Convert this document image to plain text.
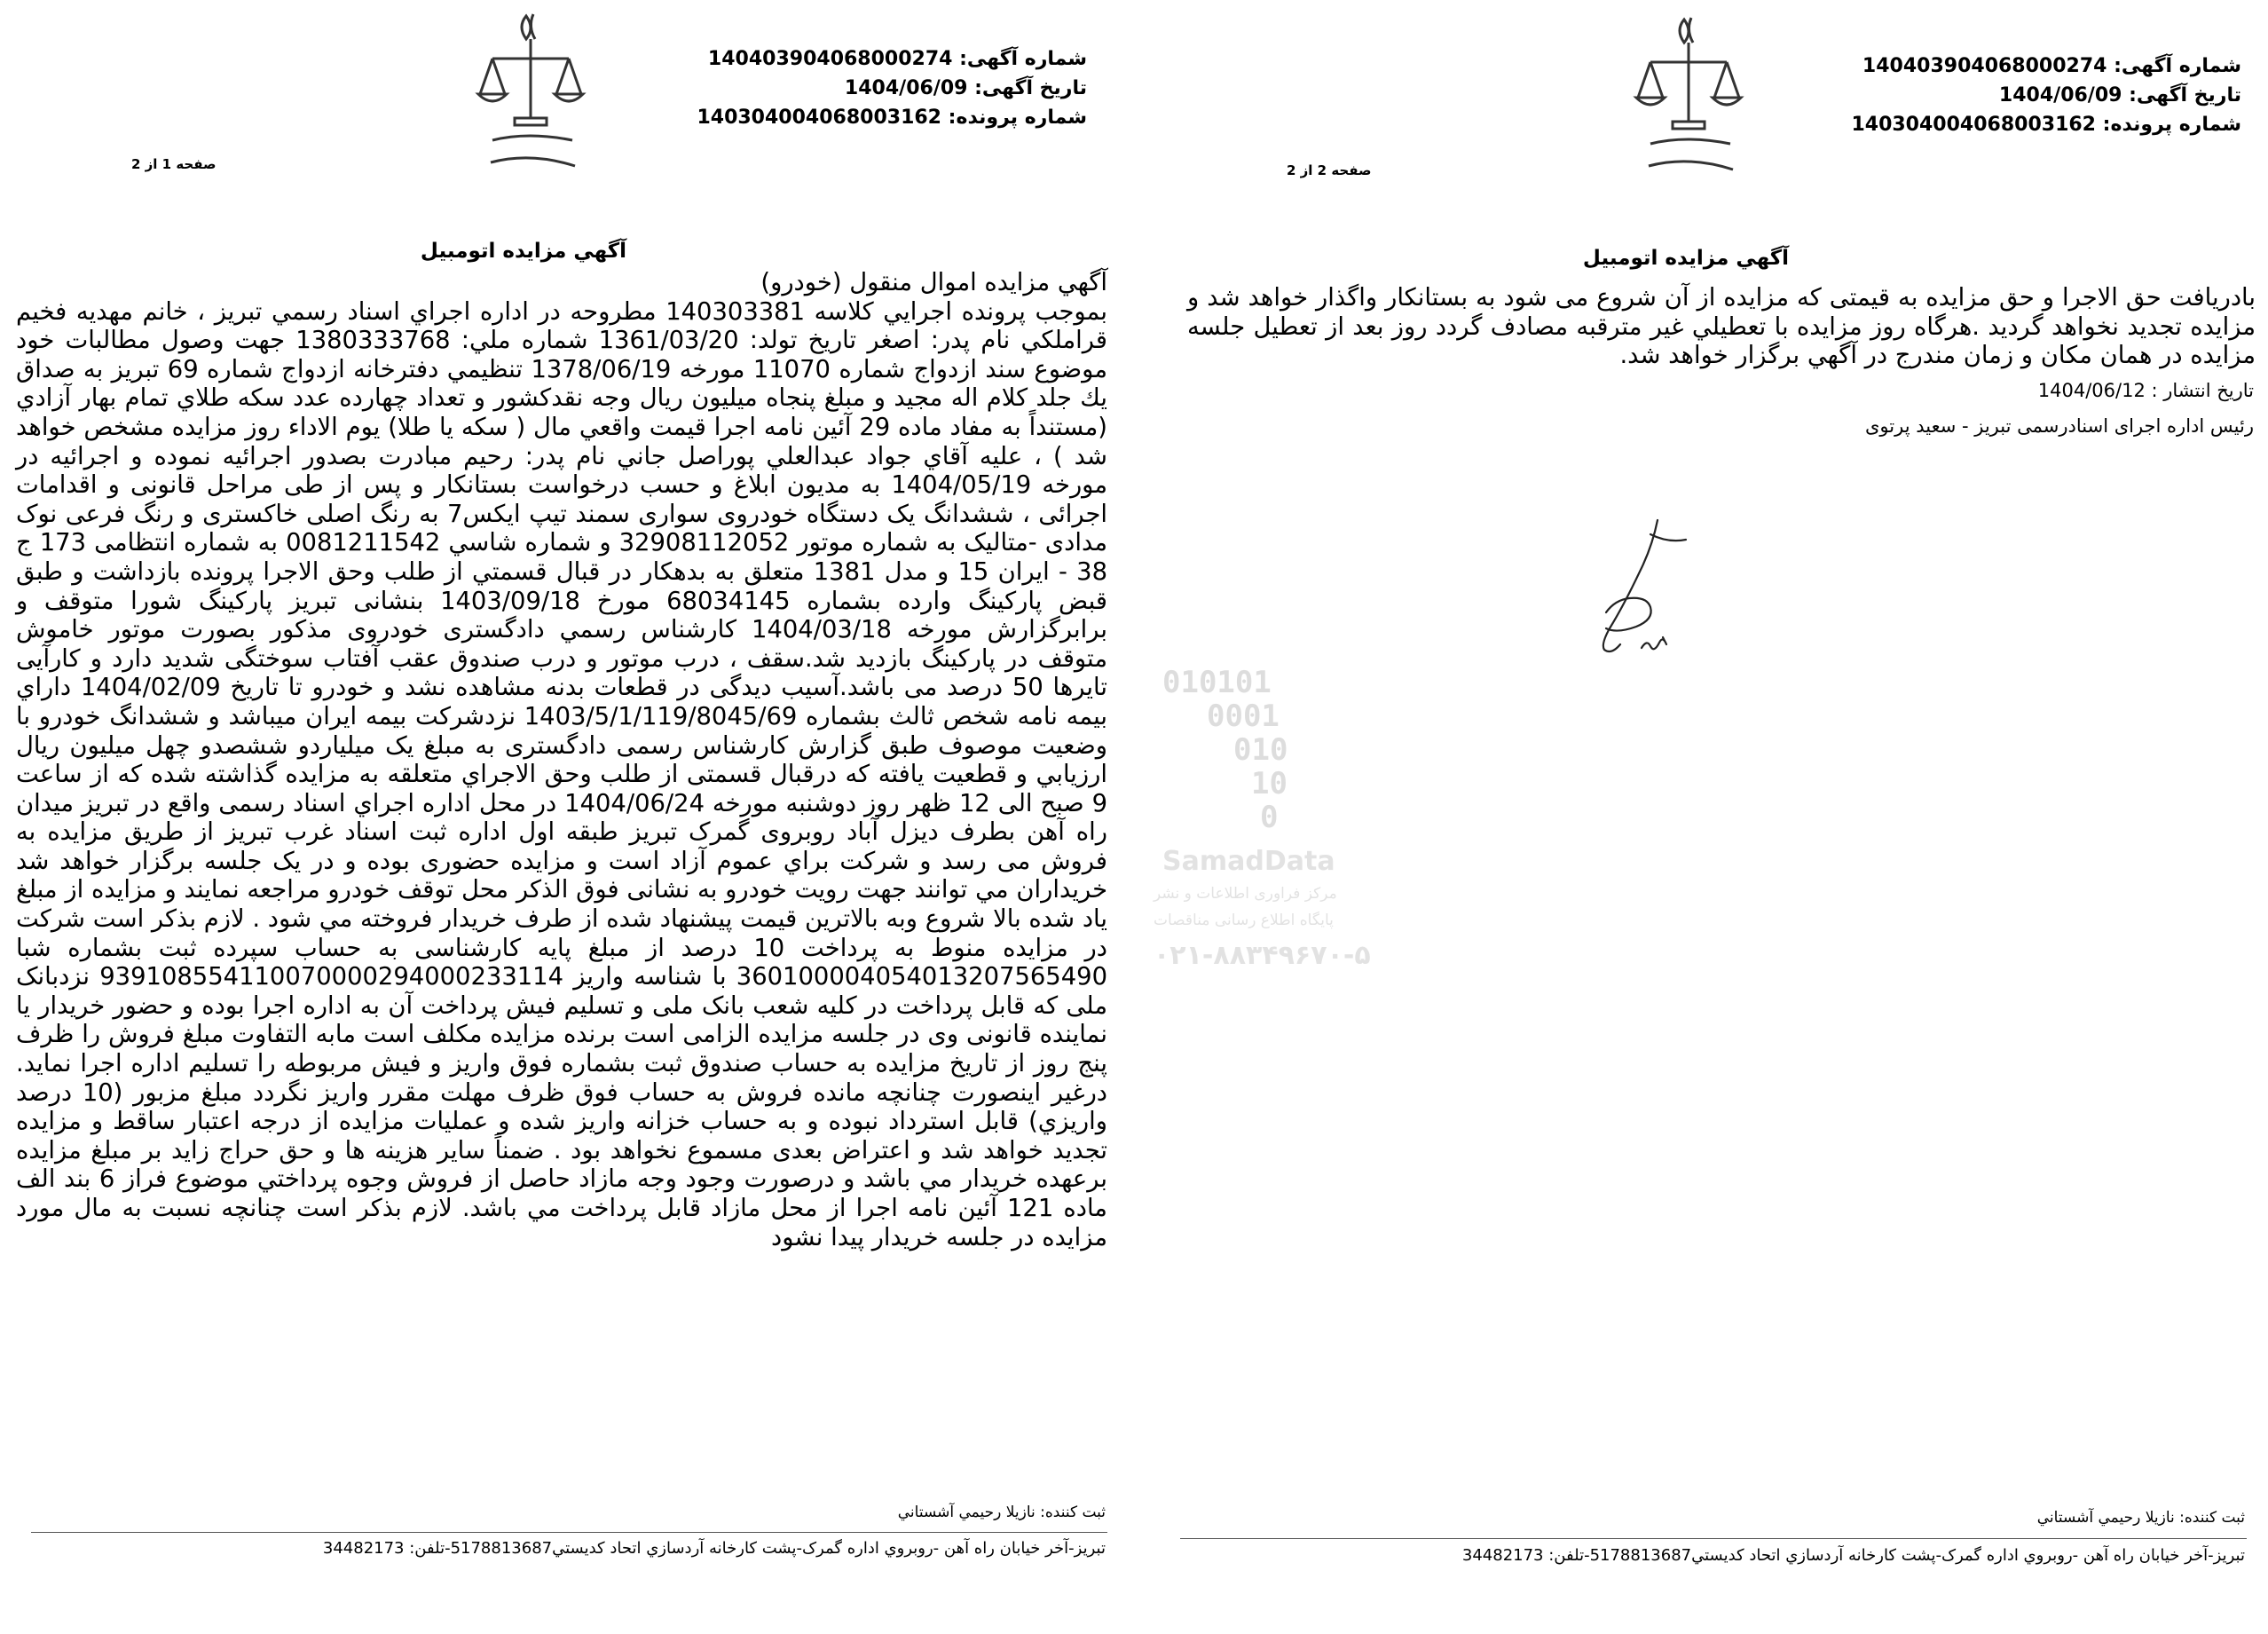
010101
0001
010
10
0
SamadData
مرکز فراوری اطلاعات و نشر
پایگاه اطلاع رسانی مناقصات
۰۲۱-۸۸۳۴۹۶۷۰-۵
شماره آگهی: 140403904068000274
تاریخ آگهی: 1404/06/09
شماره پرونده: 140304004068003162
صفحه 1 از 2
آگهي مزايده اتومبيل

آگهي مزايده اموال منقول (خودرو)

بموجب پرونده اجرايي كلاسه 140303381 مطروحه در اداره اجراي اسناد رسمي تبريز ، خانم مهديه فخيم قراملكي نام پدر: اصغر تاريخ تولد: 1361/03/20 شماره ملي: 1380333768 جهت وصول مطالبات خود موضوع سند ازدواج شماره 11070 مورخه 1378/06/19 تنظيمي دفترخانه ازدواج شماره 69 تبريز به صداق يك جلد كلام اله مجيد و مبلغ پنجاه ميليون ريال وجه نقدكشور و تعداد چهارده عدد سكه طلاي تمام بهار آزادي (مستنداً به مفاد ماده 29 آئين نامه اجرا قيمت واقعي مال ( سكه يا طلا) يوم الاداء روز مزايده مشخص خواهد شد ) ، عليه آقاي جواد عبدالعلي پوراصل جاني نام پدر: رحيم مبادرت بصدور اجرائيه نموده و اجرائيه در مورخه 1404/05/19 به مديون ابلاغ و حسب درخواست بستانكار و پس از طی مراحل قانونی و اقدامات اجرائی ، ششدانگ یک دستگاه خودروی سواری سمند تیپ ایکس7 به رنگ اصلی خاکستری و رنگ فرعی نوک مدادی -متالیک به شماره موتور 32908112052 و شماره شاسي 0081211542 به شماره انتظامی 173 ج 38 - ایران 15 و مدل 1381 متعلق به بدهكار در قبال قسمتي از طلب وحق الاجرا پرونده بازداشت و طبق قبض پاركينگ وارده بشماره 68034145 مورخ 1403/09/18 بنشانی تبریز پارکینگ شورا متوقف و برابرگزارش مورخه 1404/03/18 كارشناس رسمي دادگستری خودروی مذکور بصورت موتور خاموش متوقف در پارکینگ بازدید شد.سقف ، درب موتور و درب صندوق عقب آفتاب سوختگی شدید دارد و کارآیی تایرها 50 درصد می باشد.آسیب دیدگی در قطعات بدنه مشاهده نشد و خودرو تا تاريخ 1404/02/09 داراي بيمه نامه شخص ثالث بشماره 1403/5/1/119/8045/69 نزدشرکت بیمه ایران میباشد و ششدانگ خودرو با وضعیت موصوف طبق گزارش کارشناس رسمی دادگستری به مبلغ یک میلیاردو ششصدو چهل میلیون ریال ارزيابي و قطعيت يافته كه درقبال قسمتی از طلب وحق الاجراي متعلقه به مزايده گذاشته شده كه از ساعت 9 صبح الی 12 ظهر روز دوشنبه مورخه 1404/06/24 در محل اداره اجراي اسناد رسمی واقع در تبریز میدان راه آهن بطرف دیزل آباد روبروی گمرک تبریز طبقه اول اداره ثبت اسناد غرب تبریز از طریق مزایده به فروش می رسد و شركت براي عموم آزاد است و مزایده حضوری بوده و در یک جلسه برگزار خواهد شد خريداران مي توانند جهت رويت خودرو به نشانی فوق الذكر محل توقف خودرو مراجعه نمايند و مزايده از مبلغ ياد شده بالا شروع وبه بالاترين قيمت پيشنهاد شده از طرف خريدار فروخته مي شود . لازم بذکر است شرکت در مزایده منوط به پرداخت 10 درصد از مبلغ پایه کارشناسی به حساب سپرده ثبت بشماره شبا 360100004054013207565490 با شناسه واریز 939108554110070000294000233114 نزدبانک ملی که قابل پرداخت در کلیه شعب بانک ملی و تسلیم فیش پرداخت آن به اداره اجرا بوده و حضور خریدار یا نماینده قانونی وی در جلسه مزایده الزامی است برنده مزايده مكلف است مابه التفاوت مبلغ فروش را ظرف پنج روز از تاريخ مزايده به حساب صندوق ثبت بشماره فوق واریز و فيش مربوطه را تسليم اداره اجرا نمايد. درغير اينصورت چنانچه مانده فروش به حساب فوق ظرف مهلت مقرر واريز نگردد مبلغ مزبور (10 درصد واريزي) قابل استرداد نبوده و به حساب خزانه واريز شده و عمليات مزايده از درجه اعتبار ساقط و مزايده تجديد خواهد شد و اعتراض بعدی مسموع نخواهد بود . ضمناً ساير هزينه ها و حق حراج زايد بر مبلغ مزايده برعهده خريدار مي باشد و درصورت وجود وجه مازاد حاصل از فروش وجوه پرداختي موضوع فراز 6 بند الف ماده 121 آئين نامه اجرا از محل مازاد قابل پرداخت مي باشد. لازم بذكر است چنانچه نسبت به مال مورد مزايده در جلسه خريدار پيدا نشود

ثبت کننده: نازيلا رحيمي آشستاني
تبريز-آخر خيابان راه آهن -روبروي اداره گمرک-پشت کارخانه آردسازي اتحاد کديستي5178813687-تلفن: 34482173
شماره آگهی: 140403904068000274
تاریخ آگهی: 1404/06/09
شماره پرونده: 140304004068003162
صفحه 2 از 2
آگهي مزايده اتومبيل

بادریافت حق الاجرا و حق مزایده به قیمتی که مزایده از آن شروع می شود به بستانکار واگذار خواهد شد و مزایده تجدید نخواهد گردید .هرگاه روز مزايده با تعطيلي غير مترقبه مصادف گردد روز بعد از تعطيل جلسه مزايده در همان مكان و زمان مندرج در آگهي برگزار خواهد شد.

تاريخ انتشار : 1404/06/12
رئيس اداره اجرای اسنادرسمی تبریز - سعید پرتوی
ثبت کننده: نازيلا رحيمي آشستاني
تبريز-آخر خيابان راه آهن -روبروي اداره گمرک-پشت کارخانه آردسازي اتحاد کديستي5178813687-تلفن: 34482173
